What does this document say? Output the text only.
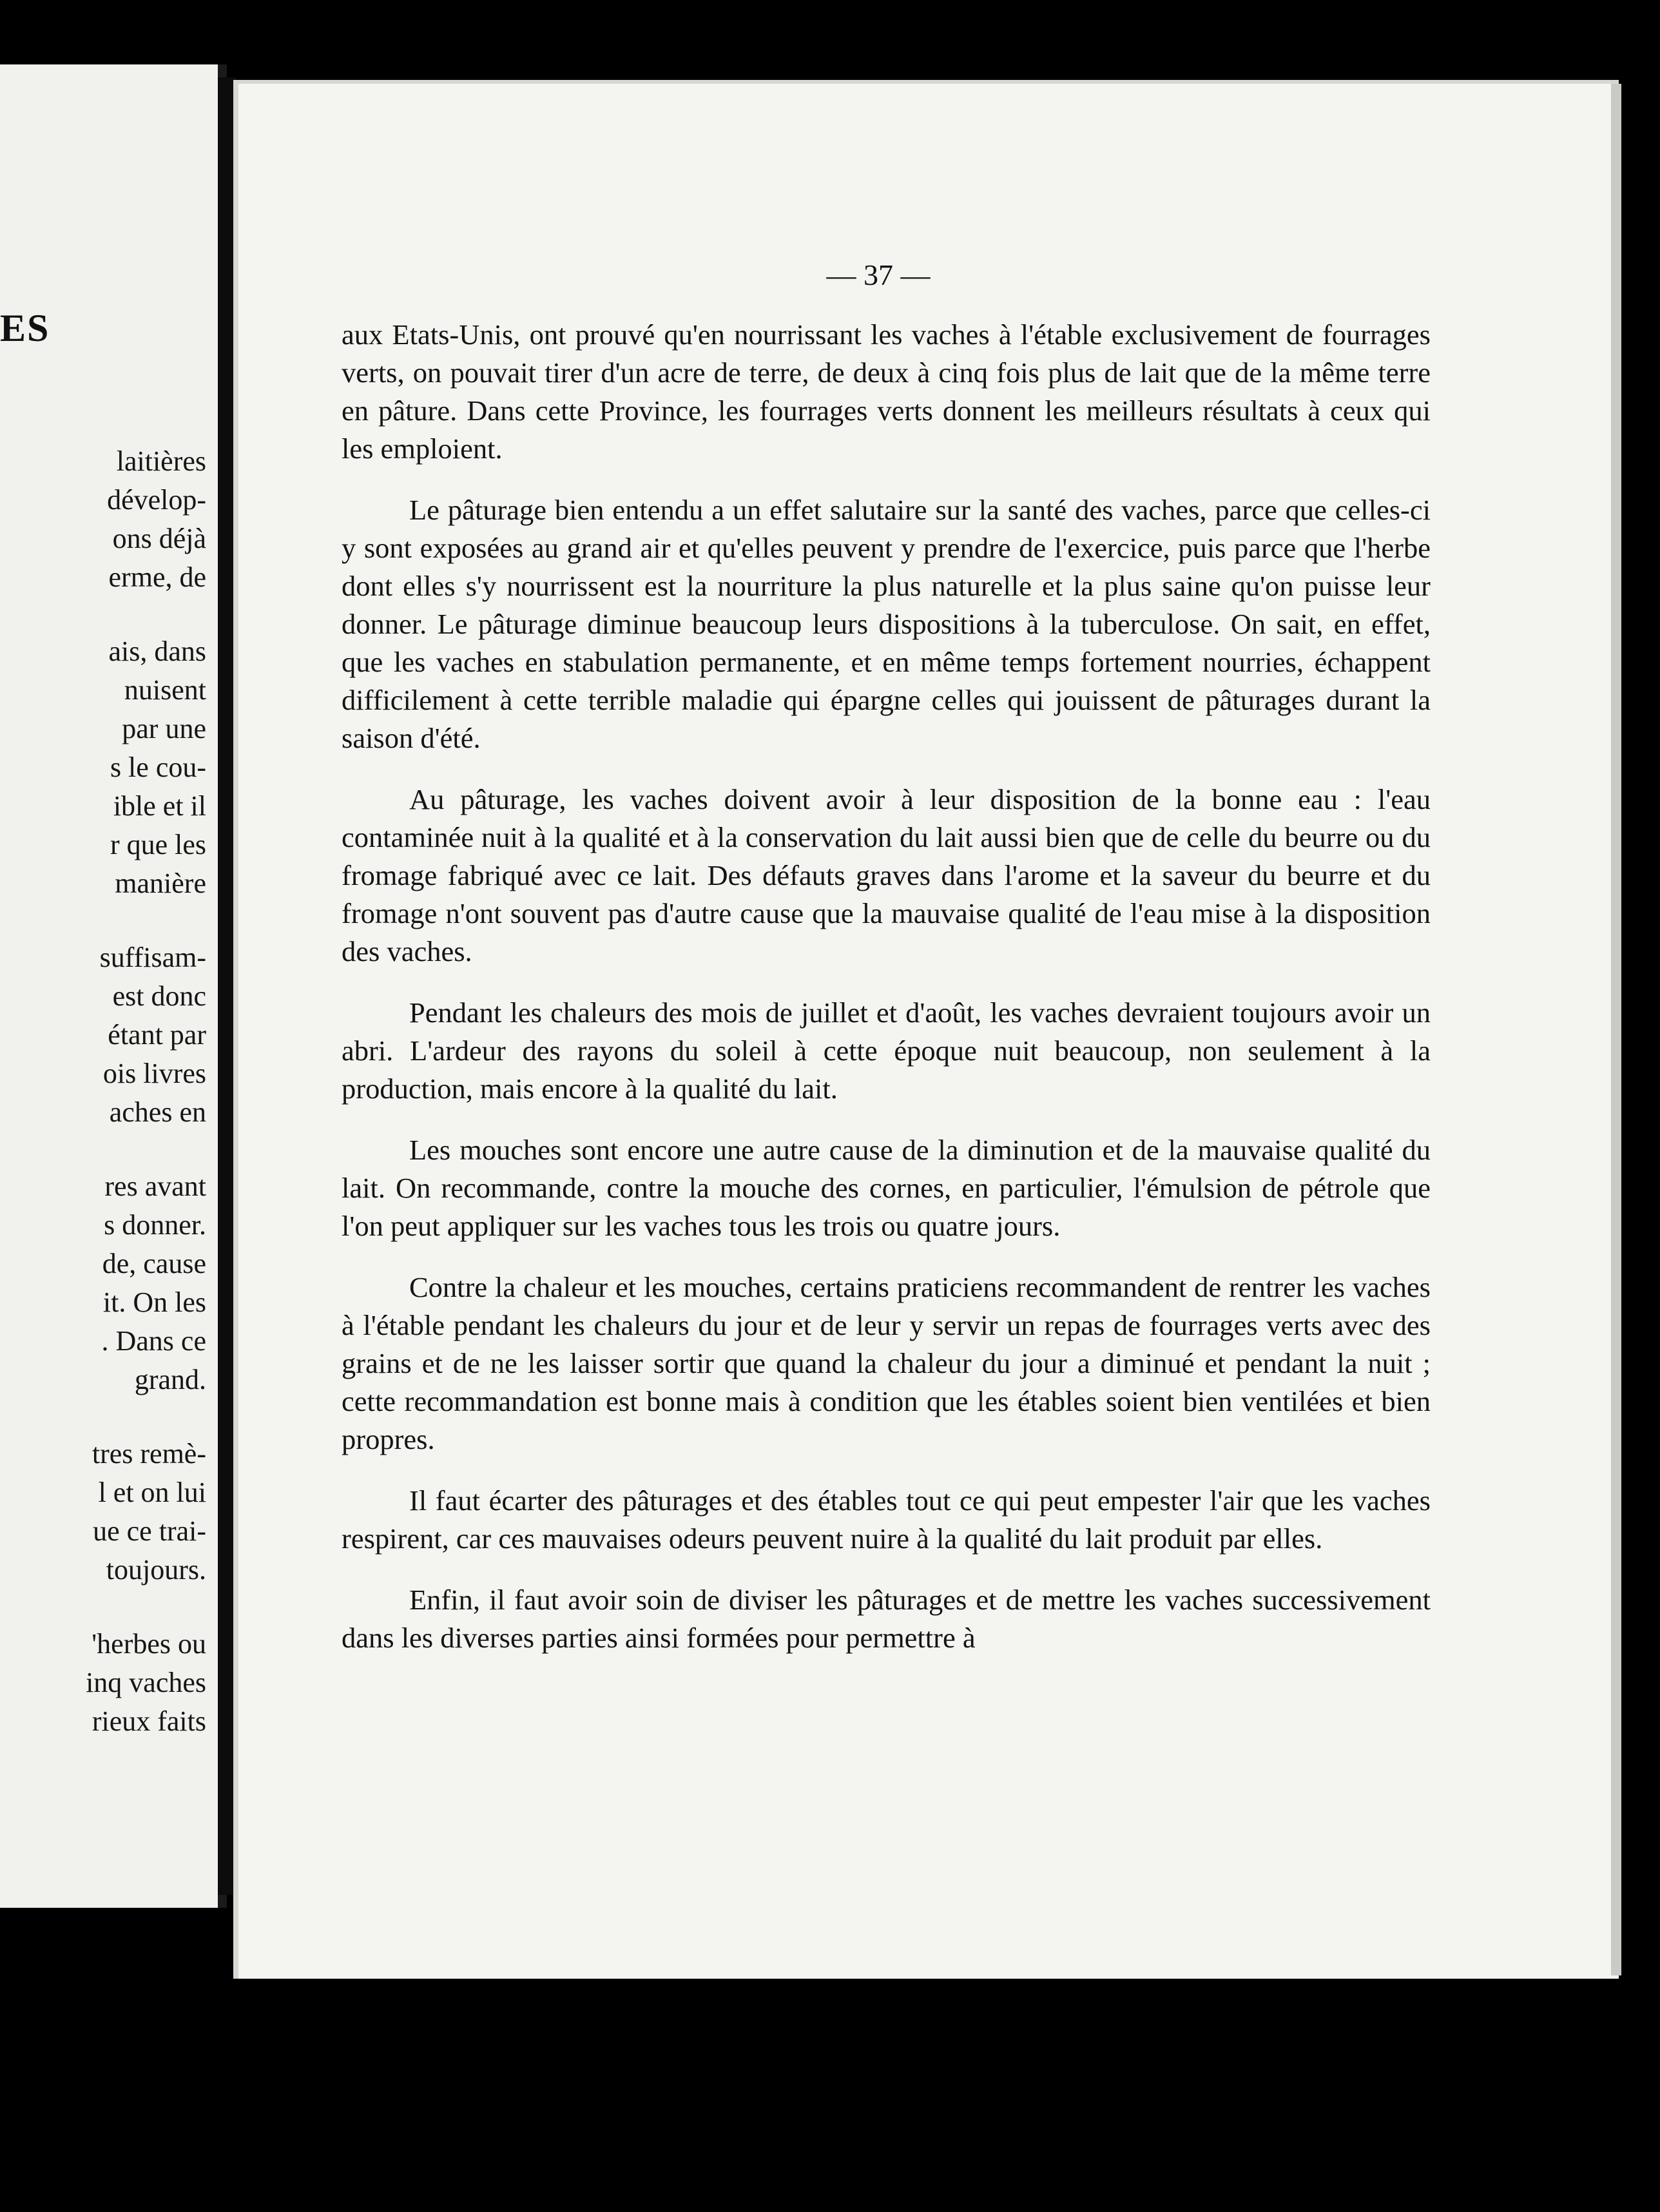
ES
laitières
dévelop-
ons déjà
erme, de
ais, dans
nuisent
par une
s le cou-
ible et il
r que les
manière
suffisam-
est donc
étant par
ois livres
aches en
res avant
s donner.
de, cause
it. On les
. Dans ce
grand.
tres remè-
l et on lui
ue ce trai-
toujours.
'herbes ou
inq vaches
rieux faits
— 37 —

aux Etats-Unis, ont prouvé qu'en nourrissant les vaches à l'étable exclusivement de fourrages verts, on pouvait tirer d'un acre de terre, de deux à cinq fois plus de lait que de la même terre en pâture. Dans cette Province, les fourrages verts donnent les meilleurs résultats à ceux qui les emploient.

Le pâturage bien entendu a un effet salutaire sur la santé des vaches, parce que celles-ci y sont exposées au grand air et qu'elles peuvent y prendre de l'exercice, puis parce que l'herbe dont elles s'y nourrissent est la nourriture la plus naturelle et la plus saine qu'on puisse leur donner. Le pâturage diminue beaucoup leurs dispositions à la tuberculose. On sait, en effet, que les vaches en stabulation permanente, et en même temps fortement nourries, échappent difficilement à cette terrible maladie qui épargne celles qui jouissent de pâturages durant la saison d'été.

Au pâturage, les vaches doivent avoir à leur disposition de la bonne eau : l'eau contaminée nuit à la qualité et à la conservation du lait aussi bien que de celle du beurre ou du fromage fabriqué avec ce lait. Des défauts graves dans l'arome et la saveur du beurre et du fromage n'ont souvent pas d'autre cause que la mauvaise qualité de l'eau mise à la disposition des vaches.

Pendant les chaleurs des mois de juillet et d'août, les vaches devraient toujours avoir un abri. L'ardeur des rayons du soleil à cette époque nuit beaucoup, non seulement à la production, mais encore à la qualité du lait.

Les mouches sont encore une autre cause de la diminution et de la mauvaise qualité du lait. On recommande, contre la mouche des cornes, en particulier, l'émulsion de pétrole que l'on peut appliquer sur les vaches tous les trois ou quatre jours.

Contre la chaleur et les mouches, certains praticiens recommandent de rentrer les vaches à l'étable pendant les chaleurs du jour et de leur y servir un repas de fourrages verts avec des grains et de ne les laisser sortir que quand la chaleur du jour a diminué et pendant la nuit ; cette recommandation est bonne mais à condition que les étables soient bien ventilées et bien propres.

Il faut écarter des pâturages et des étables tout ce qui peut empester l'air que les vaches respirent, car ces mauvaises odeurs peuvent nuire à la qualité du lait produit par elles.

Enfin, il faut avoir soin de diviser les pâturages et de mettre les vaches successivement dans les diverses parties ainsi formées pour permettre à
